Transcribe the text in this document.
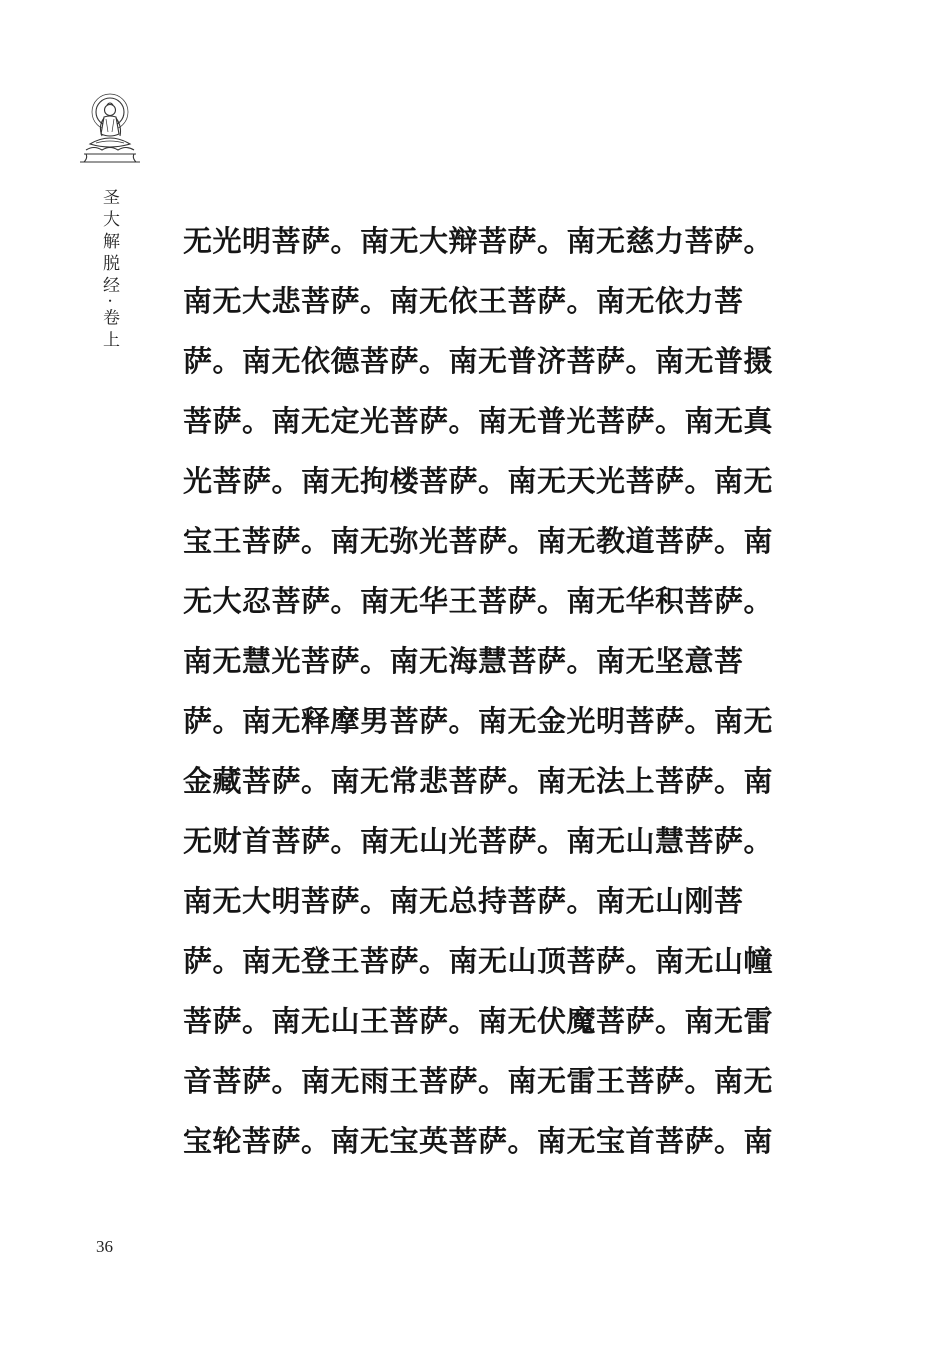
圣大解脱经·卷上 无光明菩萨。南无大辩菩萨。南无慈力菩萨。
南无大悲菩萨。南无依王菩萨。南无依力菩
萨。南无依德菩萨。南无普济菩萨。南无普摄
菩萨。南无定光菩萨。南无普光菩萨。南无真
光菩萨。南无拘楼菩萨。南无天光菩萨。南无
宝王菩萨。南无弥光菩萨。南无教道菩萨。南
无大忍菩萨。南无华王菩萨。南无华积菩萨。
南无慧光菩萨。南无海慧菩萨。南无坚意菩
萨。南无释摩男菩萨。南无金光明菩萨。南无
金藏菩萨。南无常悲菩萨。南无法上菩萨。南
无财首菩萨。南无山光菩萨。南无山慧菩萨。
南无大明菩萨。南无总持菩萨。南无山刚菩
萨。南无登王菩萨。南无山顶菩萨。南无山幢
菩萨。南无山王菩萨。南无伏魔菩萨。南无雷
音菩萨。南无雨王菩萨。南无雷王菩萨。南无
宝轮菩萨。南无宝英菩萨。南无宝首菩萨。南
36
